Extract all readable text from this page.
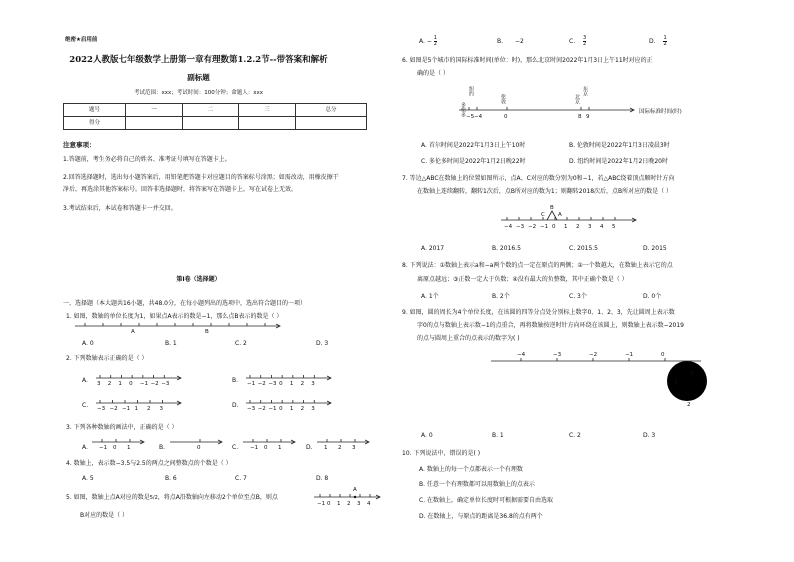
绝密★启用前
2022人教版七年级数学上册第一章有理数第1.2.2节--带答案和解析
副标题
考试范围：xxx；考试时间：100分钟；命题人：xxx
题号	一	二	三	总分
得分				
注意事项：
1.答题前，考生务必将自己的姓名、准考证号填写在答题卡上。
2.回答选择题时，选出每小题答案后，用铅笔把答题卡对应题目的答案标号涂黑；如需改动，用橡皮擦干
净后，再选涂其他答案标号。回答非选择题时，将答案写在答题卡上，写在试卷上无效。
3.考试结束后，本试卷和答题卡一并交回。
第I卷（选择题）
一、选择题（本大题共16小题，共48.0分，在每小题列出的选项中，选出符合题目的一项）
1. 如图，数轴的单位长度为1，如果点A表示的数是−1，那么点B表示的数是（ ）
A	B
A. 0	B. 1	C. 2	D. 3
2. 下列数轴表示正确的是（ ）
A. 3 2 1 0 −1 −2 −3	B. −1 −2 −3 0 1 2 3
C. −3 −2 −1 1 2 3	D. −3 −2 −1 0 1 2 3
3. 下列各种数轴的画法中，正确的是（ ）
A. −1 0 1	B.	0	C. −1 0 1	D. 1 2 3
4. 数轴上，表示数−3.5与2.5的两点之间整数点的个数是（ ）
A. 5	B. 6	C. 7	D. 8
5. 如图，数轴上点A对应的数是5/2，将点A沿数轴向左移动2个单位至点B，则点
B对应的数是（ ）
−1 0 1 2 3 4
A
A. − $\frac{1}{2}$	B. −2	C. $\frac{3}{2}$	D. $\frac{1}{2}$
6. 如图是5个城市的国际标准时间(单位：时)，那么北京时间2022年1月3日上午11时对应的正
确的是（ ）
−5 −4	0	8 9
多伦多
纽约
伦敦	北京
东京
国际标准时间(时)
A. 首尔时间是2022年1月3日上午10时	B. 伦敦时间是2022年1月3日凌晨3时
C. 多伦多时间是2022年1月2日晚22时	D. 纽约时间是2022年1月2日晚20时
7. 等边△ABC在数轴上的位置如图所示，点A、C对应的数分别为0和−1，若△ABC绕着顶点顺时针方向
在数轴上连续翻转，翻转1次后，点B所对应的数为1；则翻转2018次后，点B所对应的数是（ ）
−4 −3 −2 −1 0 1 2 3 4 5
C
B
A
A. 2017	B. 2016.5	C. 2015.5	D. 2015
8. 下列说法：①数轴上表示a和−a两个数的点一定在原点的两侧；②一个数越大，在数轴上表示它的点
离原点越远；③正数一定大于负数；④没有最大的负整数，其中正确个数是（ ）
A. 1个	B. 2个	C. 3个	D. 0个
9. 如图，圆的周长为4个单位长度，在该圆的四等分点处分别标上数字0、1、2、3，先让圆周上表示数
字0的点与数轴上表示数−1的点重合，再将数轴按逆时针方向环绕在该圆上，则数轴上表示数−2019
的点与圆周上重合的点表示的数字为( )
−4	−3	−2	−1	0
0
1
2
3
A. 0	B. 1	C. 2	D. 3
10. 下列说法中，错误的是( )
A. 数轴上的每一个点都表示一个有理数
B. 任意一个有理数都可以用数轴上的点表示
C. 在数轴上，确定单位长度时可根据需要自由选取
D. 在数轴上，与原点的距离是36.8的点有两个
